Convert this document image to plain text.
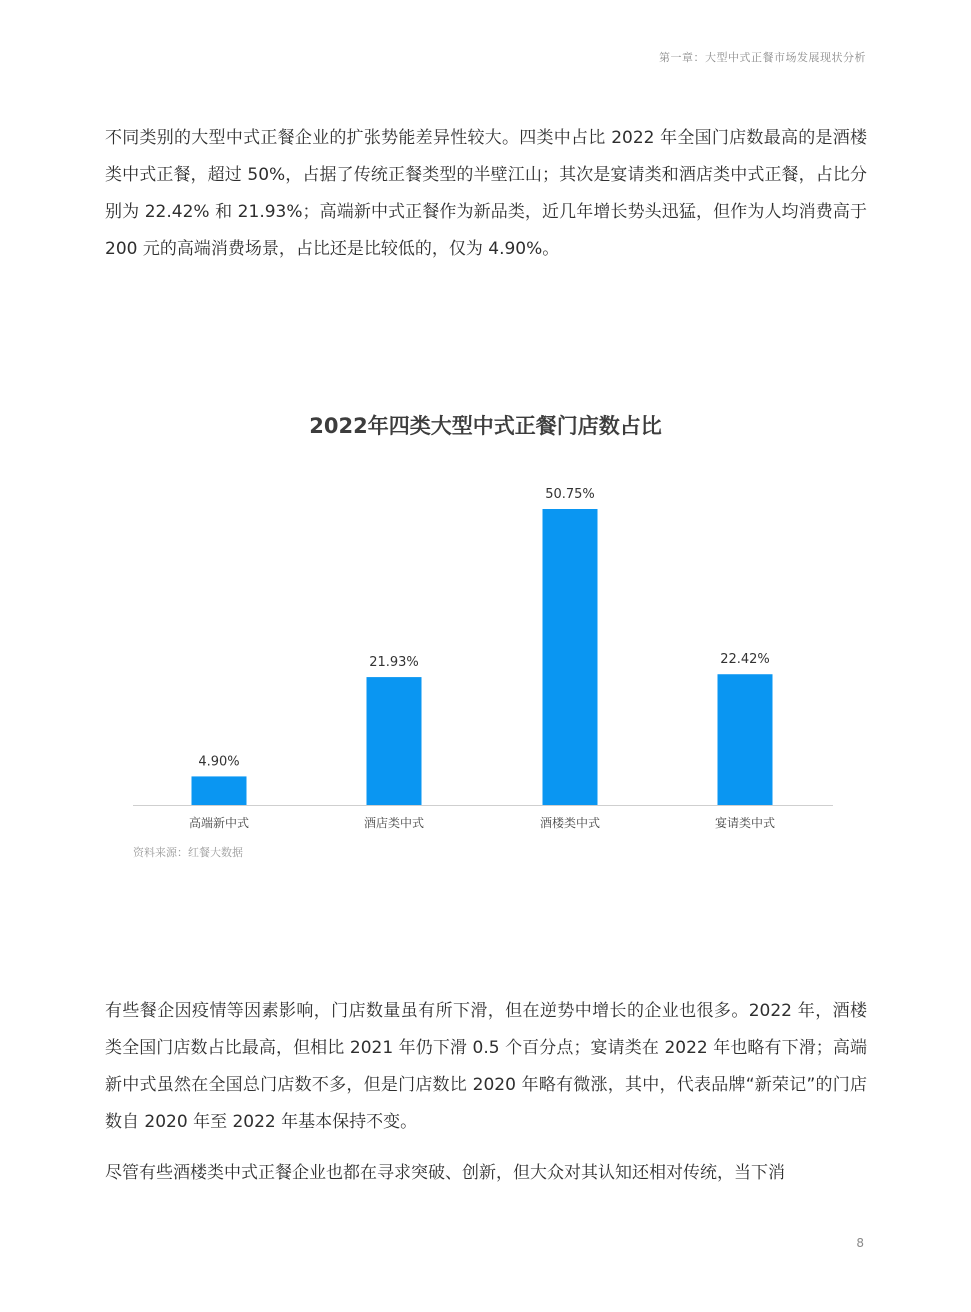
第一章：大型中式正餐市场发展现状分析

不同类别的大型中式正餐企业的扩张势能差异性较大。四类中占比 2022 年全国门店数最高的是酒楼类中式正餐，超过 50%，占据了传统正餐类型的半壁江山；其次是宴请类和酒店类中式正餐，占比分别为 22.42% 和 21.93%；高端新中式正餐作为新品类，近几年增长势头迅猛，但作为人均消费高于 200 元的高端消费场景，占比还是比较低的，仅为 4.90%。

2022年四类大型中式正餐门店数占比
4.90%
高端新中式
21.93%
酒店类中式
50.75%
酒楼类中式
22.42%
宴请类中式
资料来源：红餐大数据

有些餐企因疫情等因素影响，门店数量虽有所下滑，但在逆势中增长的企业也很多。2022 年，酒楼类全国门店数占比最高，但相比 2021 年仍下滑 0.5 个百分点；宴请类在 2022 年也略有下滑；高端新中式虽然在全国总门店数不多，但是门店数比 2020 年略有微涨，其中，代表品牌“新荣记”的门店数自 2020 年至 2022 年基本保持不变。

尽管有些酒楼类中式正餐企业也都在寻求突破、创新，但大众对其认知还相对传统，当下消

8
